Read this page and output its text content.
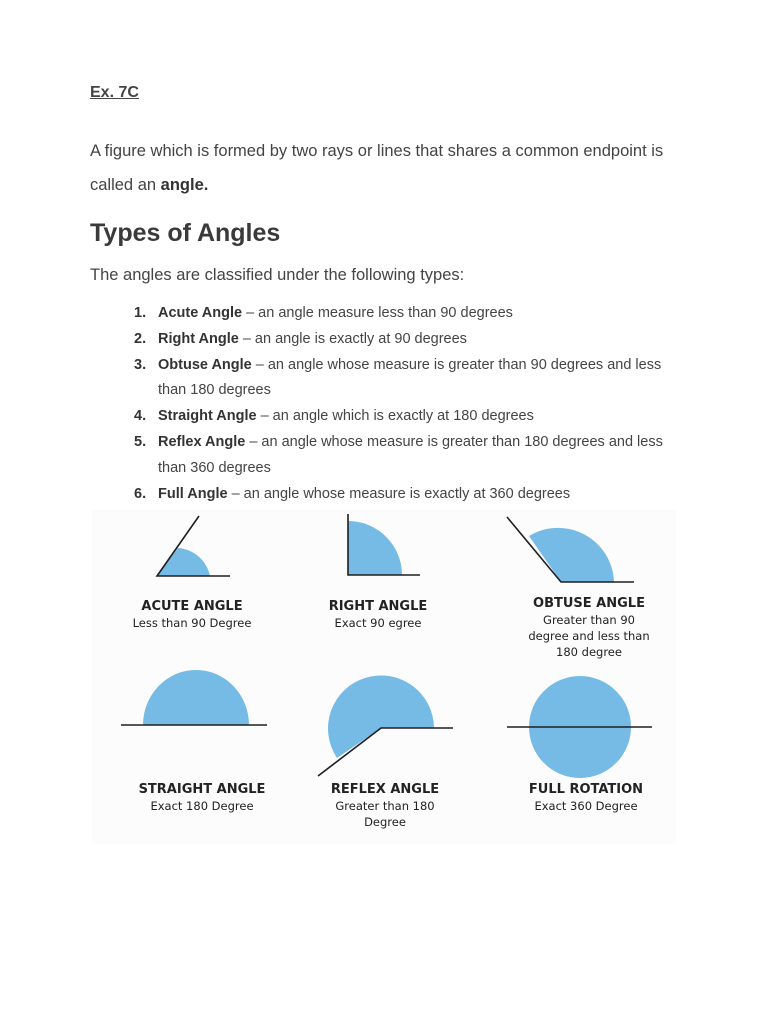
Ex. 7C
A figure which is formed by two rays or lines that shares a common endpoint is called an angle.
Types of Angles
The angles are classified under the following types:
1. Acute Angle – an angle measure less than 90 degrees
2. Right Angle – an angle is exactly at 90 degrees
3. Obtuse Angle – an angle whose measure is greater than 90 degrees and less than 180 degrees
4. Straight Angle – an angle which is exactly at 180 degrees
5. Reflex Angle – an angle whose measure is greater than 180 degrees and less than 360 degrees
6. Full Angle – an angle whose measure is exactly at 360 degrees
ACUTE ANGLE
Less than 90 Degree
RIGHT ANGLE
Exact 90 egree
OBTUSE ANGLE
Greater than 90
degree and less than
180 degree
STRAIGHT ANGLE
Exact 180 Degree
REFLEX ANGLE
Greater than 180
Degree
FULL ROTATION
Exact 360 Degree
